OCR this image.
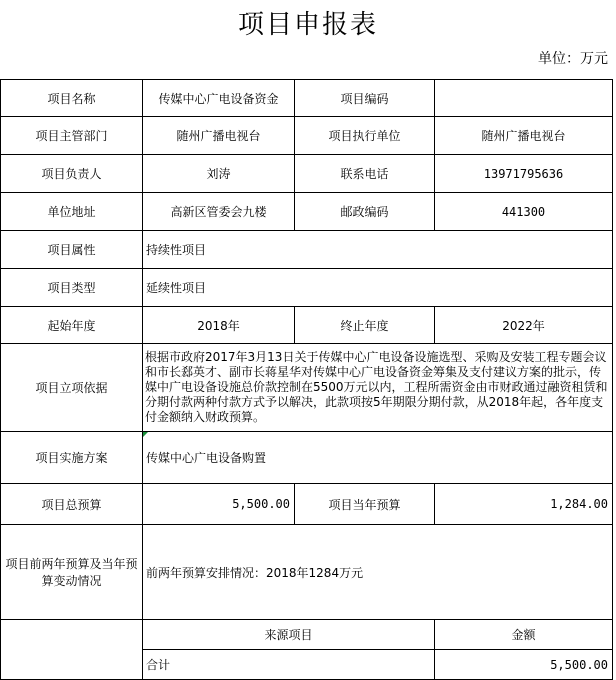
项目申报表
单位：万元
项目名称	传媒中心广电设备资金	项目编码	
项目主管部门	随州广播电视台	项目执行单位	随州广播电视台
项目负责人	刘涛	联系电话	13971795636
单位地址	高新区管委会九楼	邮政编码	441300
项目属性	持续性项目		
项目类型	延续性项目		
起始年度	2018年	终止年度	2022年
项目立项依据	根据市政府2017年3月13日关于传媒中心广电设备设施选型、采购及安装工程专题会议和市长郄英才、副市长蒋星华对传媒中心广电设备资金筹集及支付建议方案的批示，传媒中广电设备设施总价款控制在5500万元以内，工程所需资金由市财政通过融资租赁和分期付款两种付款方式予以解决，此款项按5年期限分期付款，从2018年起，各年度支付金额纳入财政预算。		
项目实施方案	传媒中心广电设备购置		
项目总预算	5,500.00	项目当年预算	1,284.00
项目前两年预算及当年预算变动情况	前两年预算安排情况：2018年1284万元		
	来源项目		金额
	合计		5,500.00
